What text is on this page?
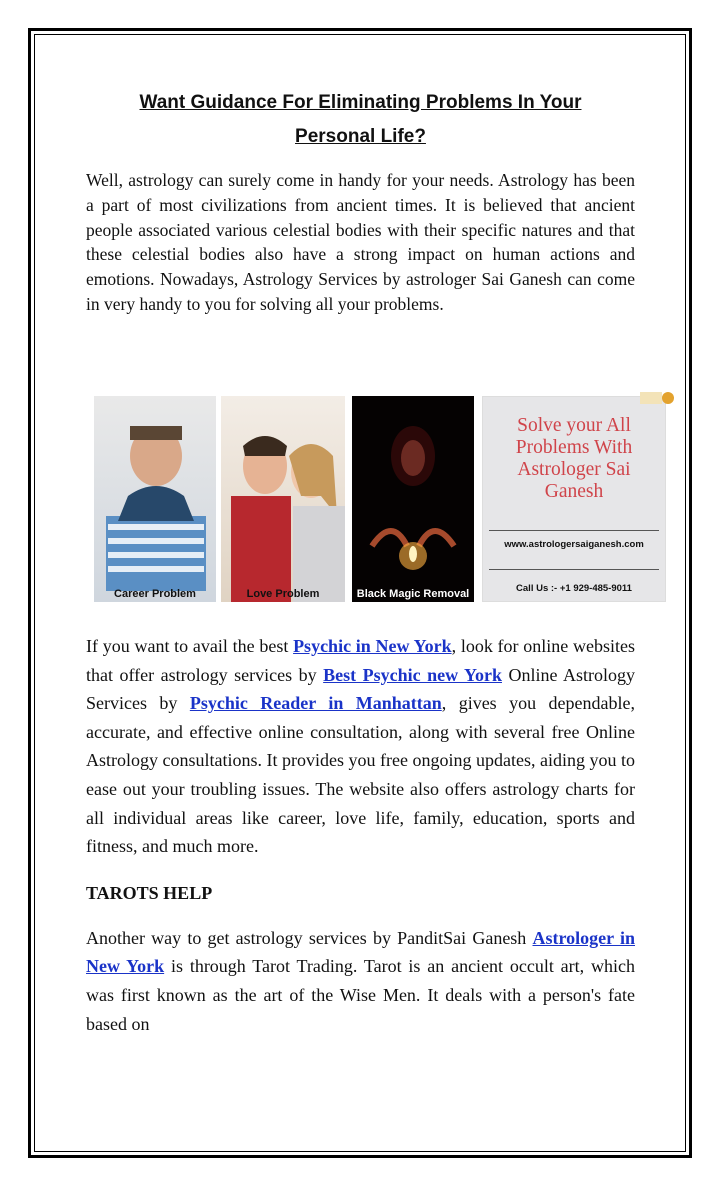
Want Guidance For Eliminating Problems In Your
Personal Life?

Well, astrology can surely come in handy for your needs. Astrology has been a part of most civilizations from ancient times. It is believed that ancient people associated various celestial bodies with their specific natures and that these celestial bodies also have a strong impact on human actions and emotions. Nowadays, Astrology Services by astrologer Sai Ganesh can come in very handy to you for solving all your problems.

Career Problem	Love Problem	Black Magic Removal
Solve your All Problems With Astrologer Sai Ganesh
www.astrologersaiganesh.com
Call Us :- +1 929-485-9011

If you want to avail the best Psychic in New York, look for online websites that offer astrology services by Best Psychic new York Online Astrology Services by Psychic Reader in Manhattan, gives you dependable, accurate, and effective online consultation, along with several free Online Astrology consultations. It provides you free ongoing updates, aiding you to ease out your troubling issues. The website also offers astrology charts for all individual areas like career, love life, family, education, sports and fitness, and much more.

TAROTS HELP

Another way to get astrology services by PanditSai Ganesh Astrologer in New York is through Tarot Trading. Tarot is an ancient occult art, which was first known as the art of the Wise Men. It deals with a person's fate based on
